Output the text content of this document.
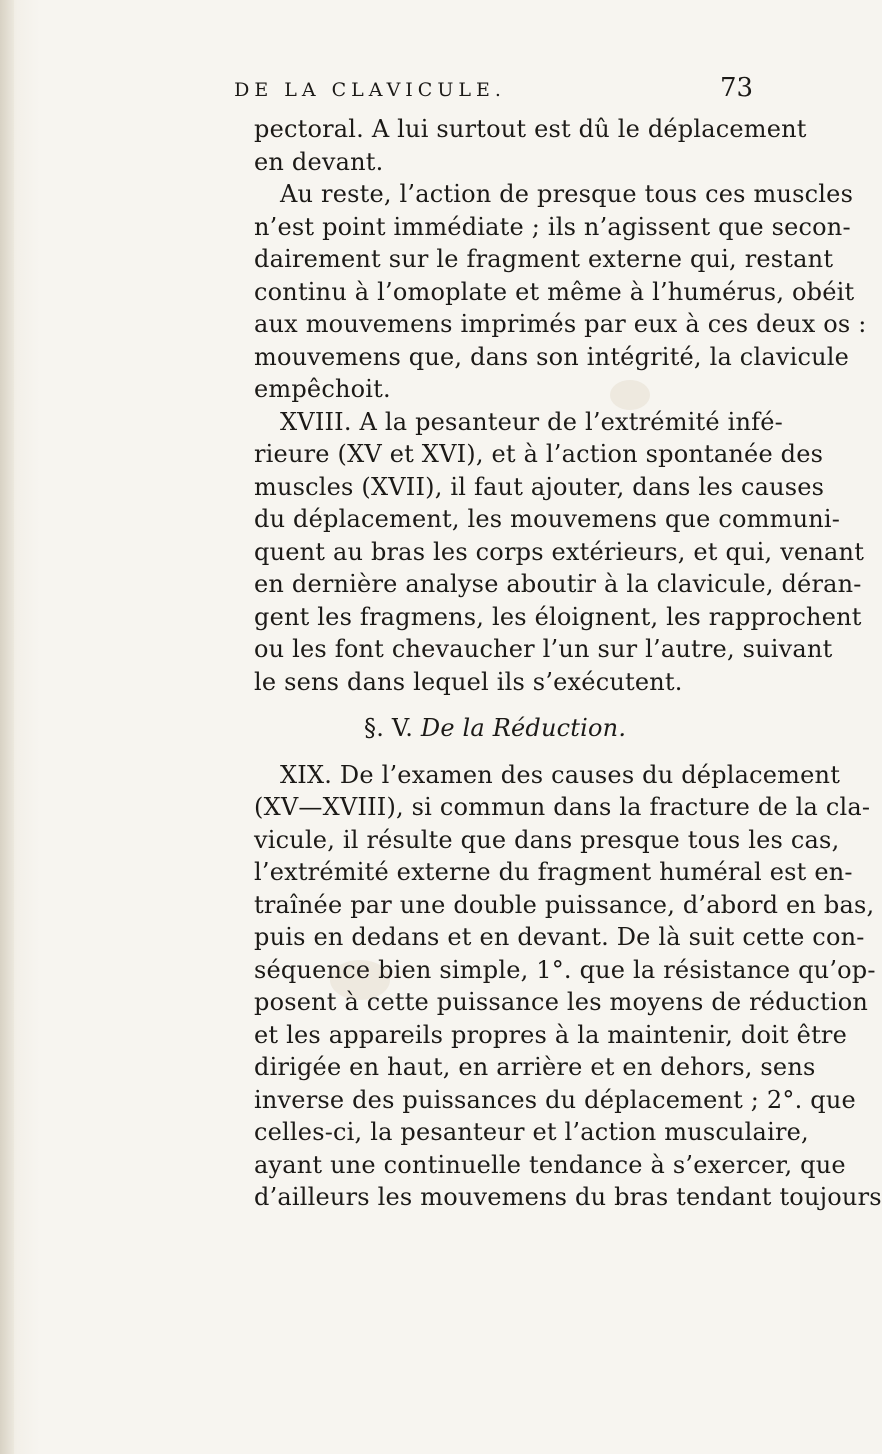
DE LA CLAVICULE.	73
pectoral. A lui surtout est dû le déplacement
en devant.
Au reste, l’action de presque tous ces muscles
n’est point immédiate ; ils n’agissent que secon-
dairement sur le fragment externe qui, restant
continu à l’omoplate et même à l’humérus, obéit
aux mouvemens imprimés par eux à ces deux os :
mouvemens que, dans son intégrité, la clavicule
empêchoit.
XVIII. A la pesanteur de l’extrémité infé-
rieure (XV et XVI), et à l’action spontanée des
muscles (XVII), il faut ajouter, dans les causes
du déplacement, les mouvemens que communi-
quent au bras les corps extérieurs, et qui, venant
en dernière analyse aboutir à la clavicule, déran-
gent les fragmens, les éloignent, les rapprochent
ou les font chevaucher l’un sur l’autre, suivant
le sens dans lequel ils s’exécutent.
§. V. De la Réduction.
XIX. De l’examen des causes du déplacement
(XV—XVIII), si commun dans la fracture de la cla-
vicule, il résulte que dans presque tous les cas,
l’extrémité externe du fragment huméral est en-
traînée par une double puissance, d’abord en bas,
puis en dedans et en devant. De là suit cette con-
séquence bien simple, 1°. que la résistance qu’op-
posent à cette puissance les moyens de réduction
et les appareils propres à la maintenir, doit être
dirigée en haut, en arrière et en dehors, sens
inverse des puissances du déplacement ; 2°. que
celles-ci, la pesanteur et l’action musculaire,
ayant une continuelle tendance à s’exercer, que
d’ailleurs les mouvemens du bras tendant toujours
